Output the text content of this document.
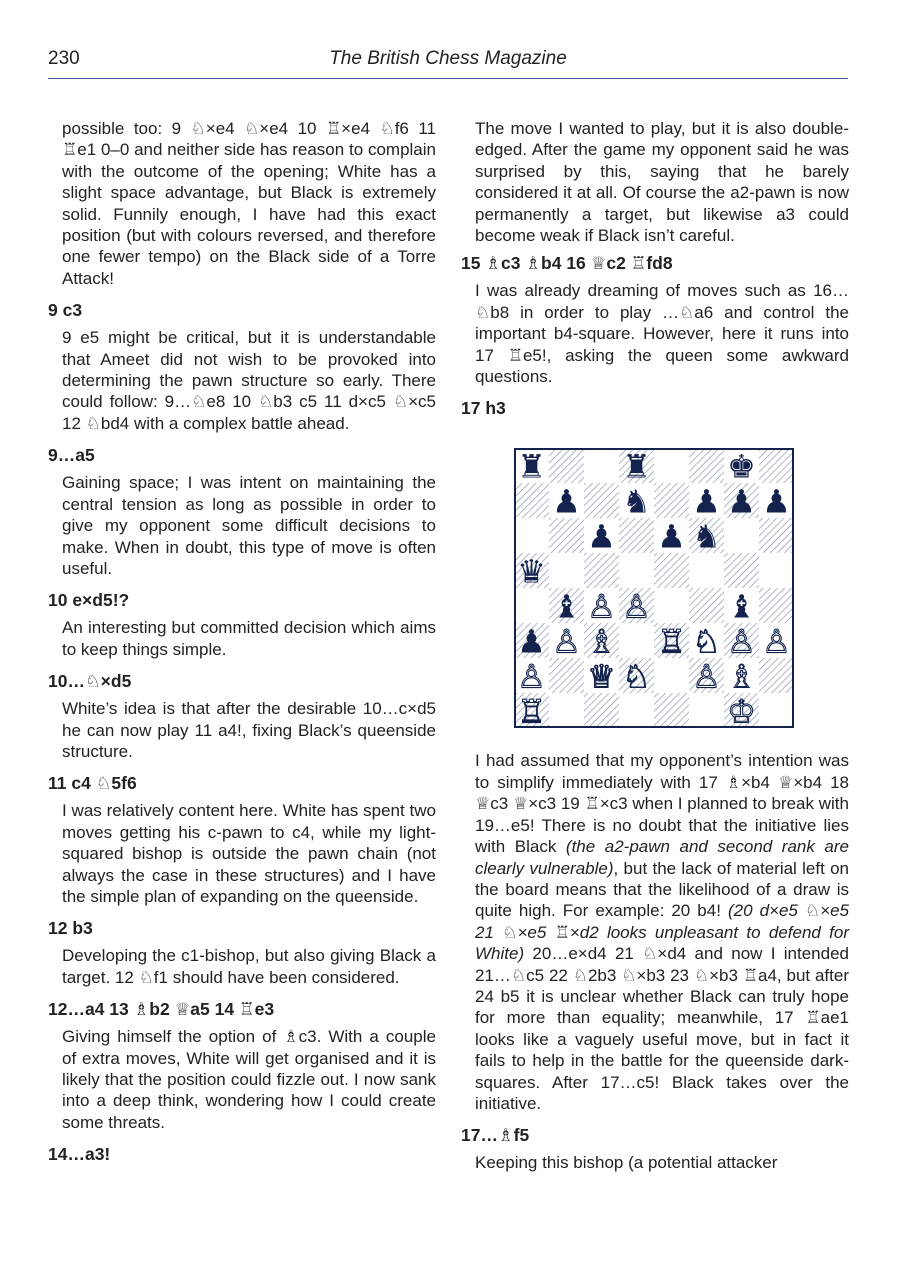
230	The British Chess Magazine

possible too: 9 ♘×e4 ♘×e4 10 ♖×e4 ♘f6 11 ♖e1 0–0 and neither side has reason to complain with the outcome of the opening; White has a slight space advantage, but Black is extremely solid. Funnily enough, I have had this exact position (but with colours reversed, and therefore one fewer tempo) on the Black side of a Torre Attack!

9 c3

9 e5 might be critical, but it is understandable that Ameet did not wish to be provoked into determining the pawn structure so early. There could follow: 9…♘e8 10 ♘b3 c5 11 d×c5 ♘×c5 12 ♘bd4 with a complex battle ahead.

9…a5

Gaining space; I was intent on maintaining the central tension as long as possible in order to give my opponent some difficult decisions to make. When in doubt, this type of move is often useful.

10 e×d5!?

An interesting but committed decision which aims to keep things simple.

10…♘×d5

White’s idea is that after the desirable 10…c×d5 he can now play 11 a4!, fixing Black’s queenside structure.

11 c4 ♘5f6

I was relatively content here. White has spent two moves getting his c-pawn to c4, while my light-squared bishop is outside the pawn chain (not always the case in these structures) and I have the simple plan of expanding on the queenside.

12 b3

Developing the c1-bishop, but also giving Black a target. 12 ♘f1 should have been considered.

12…a4 13 ♗b2 ♕a5 14 ♖e3

Giving himself the option of ♗c3. With a couple of extra moves, White will get organised and it is likely that the position could fizzle out. I now sank into a deep think, wondering how I could create some threats.

14…a3!

The move I wanted to play, but it is also double-edged. After the game my opponent said he was surprised by this, saying that he barely considered it at all. Of course the a2-pawn is now permanently a target, but likewise a3 could become weak if Black isn’t careful.

15 ♗c3 ♗b4 16 ♕c2 ♖fd8

I was already dreaming of moves such as 16…♘b8 in order to play …♘a6 and control the important b4-square. However, here it runs into 17 ♖e5!, asking the queen some awkward questions.

17 h3
♜ ♜ ♚
♟ ♞ ♟ ♟ ♟
♟ ♟ ♞
♛
♝ ♙ ♙ ♝
♟ ♙ ♗ ♖ ♘ ♙ ♙
♙ ♕ ♘ ♙ ♗
♖	♔

I had assumed that my opponent’s intention was to simplify immediately with 17 ♗×b4 ♕×b4 18 ♕c3 ♕×c3 19 ♖×c3 when I planned to break with 19…e5! There is no doubt that the initiative lies with Black (the a2-pawn and second rank are clearly vulnerable), but the lack of material left on the board means that the likelihood of a draw is quite high. For example: 20 b4! (20 d×e5 ♘×e5 21 ♘×e5 ♖×d2 looks unpleasant to defend for White) 20…e×d4 21 ♘×d4 and now I intended 21…♘c5 22 ♘2b3 ♘×b3 23 ♘×b3 ♖a4, but after 24 b5 it is unclear whether Black can truly hope for more than equality; meanwhile, 17 ♖ae1 looks like a vaguely useful move, but in fact it fails to help in the battle for the queenside dark-squares. After 17…c5! Black takes over the initiative.

17…♗f5

Keeping this bishop (a potential attacker
